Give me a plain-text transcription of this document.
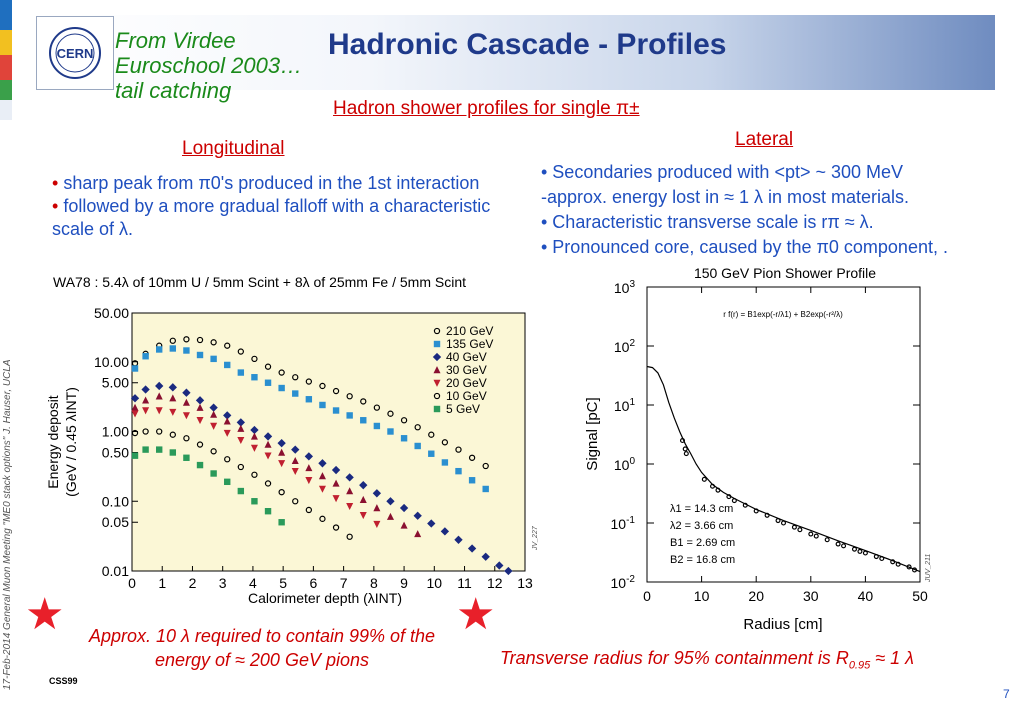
CERN
From Virdee
Euroschool 2003…
tail catching
Hadronic Cascade - Profiles
Hadron shower profiles for single π±
Longitudinal
• sharp peak from π0's produced in the 1st interaction
• followed by a more gradual falloff with a characteristic scale of λ.
Lateral
• Secondaries produced with <pt> ~ 300 MeV
-approx. energy lost in ≈ 1 λ in most materials.
• Characteristic transverse scale is rπ ≈ λ.
• Pronounced core, caused by the π0 component, .
WA78 : 5.4λ of 10mm U / 5mm Scint + 8λ of 25mm Fe / 5mm Scint
0 1 2 3 4 5 6 7 8 9 10 11 12 13
50.00
10.00
5.00
1.00
0.50
0.10
0.05
0.01
210 GeV
135 GeV
40 GeV
30 GeV
20 GeV
10 GeV
5 GeV
Calorimeter depth (λINT)
Energy deposit (GeV / 0.45 λINT)
JV_227
150 GeV Pion Shower Profile
0	10	20	30	40	50
$10^3$
$10^2$
$10^1$
$10^0$
$10^{-1}$
$10^{-2}$
r f(r) = B1exp(-r/λ1) + B2exp(-r²/λ)
λ1 = 14.3 cm
λ2 = 3.66 cm
B1 = 2.69 cm
B2 = 16.8 cm
Radius [cm]
Signal [pC]
JUV_211
17-Feb-2014 General Muon Meeting "ME0 stack options" J. Hauser, UCLA ★	★
Approx. 10 λ required to contain 99% of the
energy of ≈ 200 GeV pions	Transverse radius for 95% containment is $R_{0.95} \approx 1$ λ
CSS99
7
